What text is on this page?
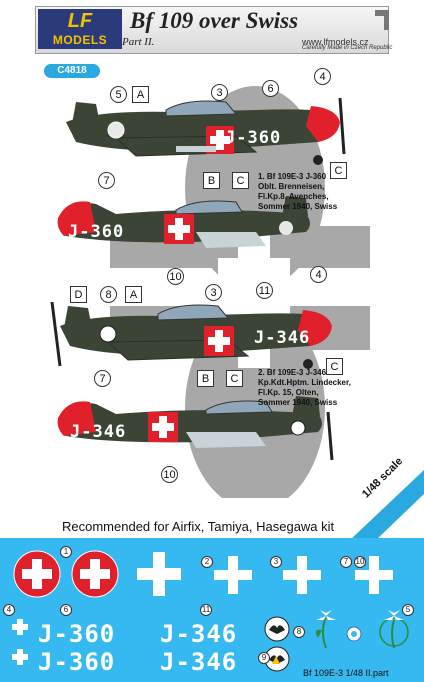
LF
MODELS
Bf 109 over Swiss
Part II.	www.lfmodels.cz
Carefully Made in Czech Republic
C4818
J-360
J-360
1. Bf 109E-3 J-360
Oblt. Brenneisen,
Fl.Kp.8, Avenches,
Sommer 1940, Swiss
J-346
J-346
2. Bf 109E-3 J-346
Kp.Kdt.Hptm. Lindecker,
Fl.Kp. 15, Olten,
Sommer 1940, Swiss
5	A	3	6
4
7	B	C
C
10
D	8	A	3	11
4
7	B	C
C
10
Recommended for Airfix, Tamiya, Hasegawa kit
1/48 scale
J-360 J-346
J-360 J-346
1
2	3
4	5
6
7
8
9
10
11
Bf 109E-3 1/48 II.part
